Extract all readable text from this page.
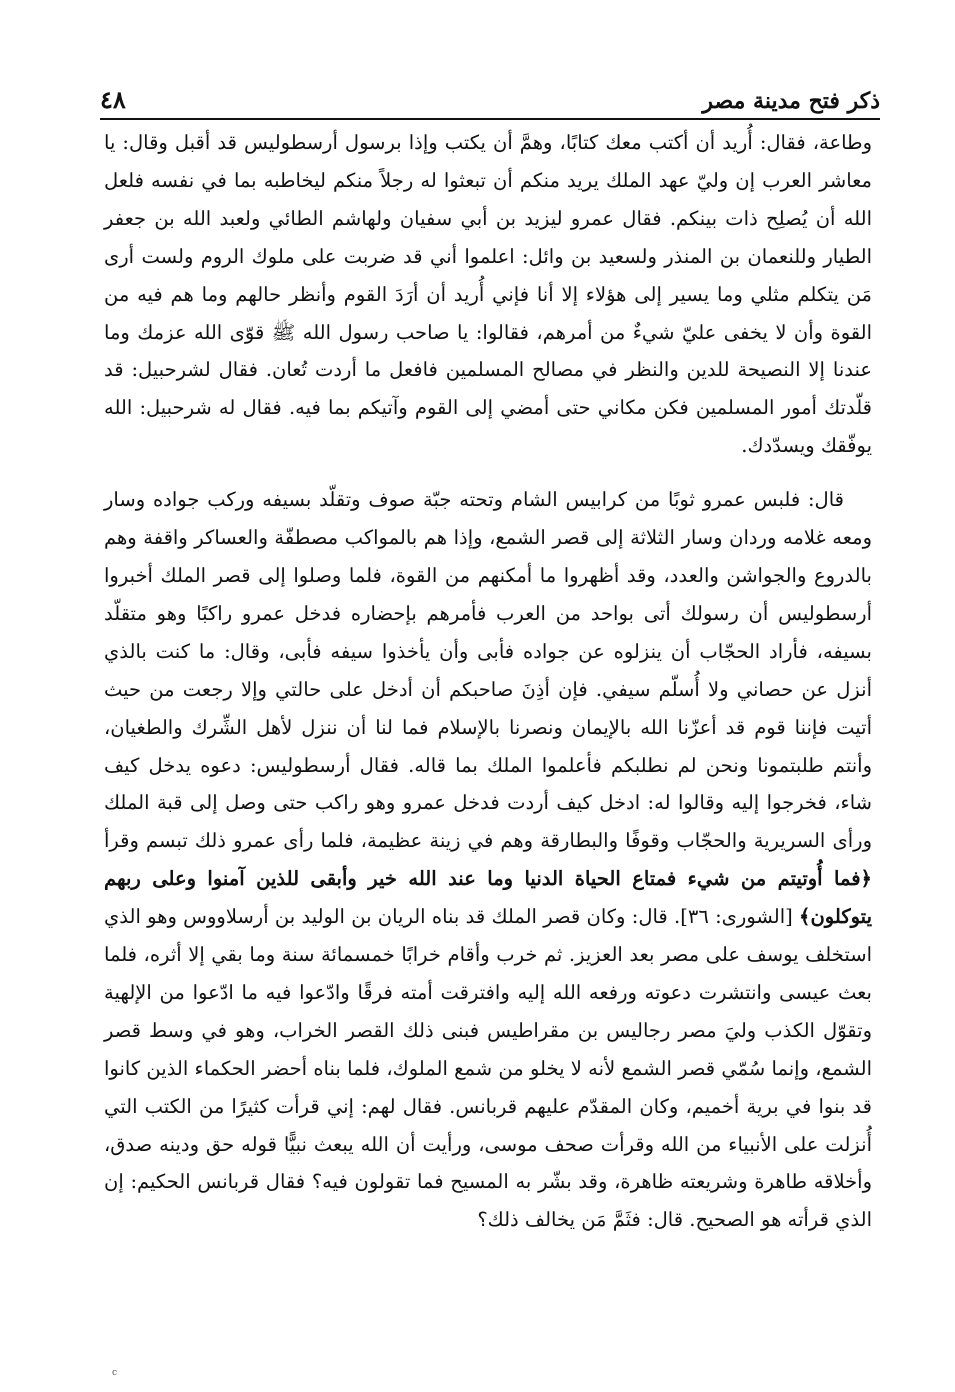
٤٨	ذكر فتح مدينة مصر

وطاعة، فقال: أُريد أن أكتب معك كتابًا، وهمَّ أن يكتب وإذا برسول أرسطوليس قد أقبل وقال: يا معاشر العرب إن وليّ عهد الملك يريد منكم أن تبعثوا له رجلاً منكم ليخاطبه بما في نفسه فلعل الله أن يُصلِح ذات بينكم. فقال عمرو ليزيد بن أبي سفيان ولهاشم الطائي ولعبد الله بن جعفر الطيار وللنعمان بن المنذر ولسعيد بن وائل: اعلموا أني قد ضربت على ملوك الروم ولست أرى مَن يتكلم مثلي وما يسير إلى هؤلاء إلا أنا فإني أُريد أن أرَدَ القوم وأنظر حالهم وما هم فيه من القوة وأن لا يخفى عليّ شيءٌ من أمرهم، فقالوا: يا صاحب رسول الله ﷺ قوّى الله عزمك وما عندنا إلا النصيحة للدين والنظر في مصالح المسلمين فافعل ما أردت تُعان. فقال لشرحبيل: قد قلّدتك أمور المسلمين فكن مكاني حتى أمضي إلى القوم وآتيكم بما فيه. فقال له شرحبيل: الله يوفّقك ويسدّدك.

قال: فلبس عمرو ثوبًا من كرابيس الشام وتحته جبّة صوف وتقلّد بسيفه وركب جواده وسار ومعه غلامه وردان وسار الثلاثة إلى قصر الشمع، وإذا هم بالمواكب مصطفّة والعساكر واقفة وهم بالدروع والجواشن والعدد، وقد أظهروا ما أمكنهم من القوة، فلما وصلوا إلى قصر الملك أخبروا أرسطوليس أن رسولك أتى بواحد من العرب فأمرهم بإحضاره فدخل عمرو راكبًا وهو متقلّد بسيفه، فأراد الحجّاب أن ينزلوه عن جواده فأبى وأن يأخذوا سيفه فأبى، وقال: ما كنت بالذي أنزل عن حصاني ولا أُسلّم سيفي. فإن أذِنَ صاحبكم أن أدخل على حالتي وإلا رجعت من حيث أتيت فإننا قوم قد أعزّنا الله بالإيمان ونصرنا بالإسلام فما لنا أن ننزل لأهل الشِّرك والطغيان، وأنتم طلبتمونا ونحن لم نطلبكم فأعلموا الملك بما قاله. فقال أرسطوليس: دعوه يدخل كيف شاء، فخرجوا إليه وقالوا له: ادخل كيف أردت فدخل عمرو وهو راكب حتى وصل إلى قبة الملك ورأى السريرية والحجّاب وقوفًا والبطارقة وهم في زينة عظيمة، فلما رأى عمرو ذلك تبسم وقرأ ﴿فما أُوتيتم من شيء فمتاع الحياة الدنيا وما عند الله خير وأبقى للذين آمنوا وعلى ربهم يتوكلون﴾ [الشورى: ٣٦]. قال: وكان قصر الملك قد بناه الريان بن الوليد بن أرسلاووس وهو الذي استخلف يوسف على مصر بعد العزيز. ثم خرب وأقام خرابًا خمسمائة سنة وما بقي إلا أثره، فلما بعث عيسى وانتشرت دعوته ورفعه الله إليه وافترقت أمته فرقًا وادّعوا فيه ما ادّعوا من الإلهية وتقوّل الكذب وليَ مصر رجاليس بن مقراطيس فبنى ذلك القصر الخراب، وهو في وسط قصر الشمع، وإنما سُمّي قصر الشمع لأنه لا يخلو من شمع الملوك، فلما بناه أحضر الحكماء الذين كانوا قد بنوا في برية أخميم، وكان المقدّم عليهم قربانس. فقال لهم: إني قرأت كثيرًا من الكتب التي أُنزلت على الأنبياء من الله وقرأت صحف موسى، ورأيت أن الله يبعث نبيًّا قوله حق ودينه صدق، وأخلاقه طاهرة وشريعته ظاهرة، وقد بشّر به المسيح فما تقولون فيه؟ فقال قربانس الحكيم: إن الذي قرأته هو الصحيح. قال: فثَمَّ مَن يخالف ذلك؟

c
